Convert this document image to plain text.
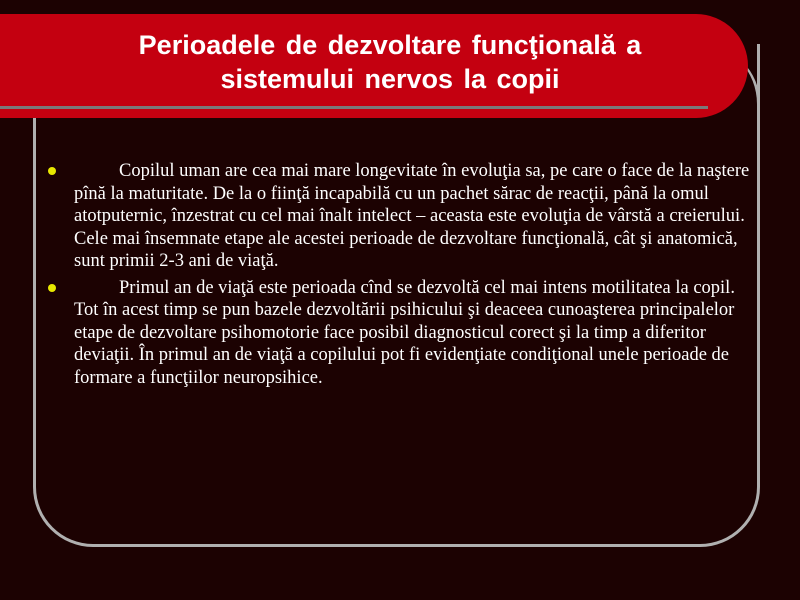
Perioadele de dezvoltare funcţională a
sistemului nervos la copii
Copilul uman are cea mai mare longevitate în evoluţia sa, pe care o face de la naştere pînă la maturitate. De la o fiinţă incapabilă cu un pachet sărac de reacţii, până la omul atotputernic, înzestrat cu cel mai înalt intelect – aceasta este evoluţia de vârstă a creierului. Cele mai însemnate etape ale acestei perioade de dezvoltare funcţională, cât şi anatomică, sunt primii 2-3 ani de viaţă.
Primul an de viaţă este perioada cînd se dezvoltă cel mai intens motilitatea la copil. Tot în acest timp se pun bazele dezvoltării psihicului şi deaceea cunoaşterea principalelor etape de dezvoltare psihomotorie face posibil diagnosticul corect şi la timp a diferitor deviaţii. În primul an de viaţă a copilului pot fi evidenţiate condiţional unele perioade de formare a funcţiilor neuropsihice.
